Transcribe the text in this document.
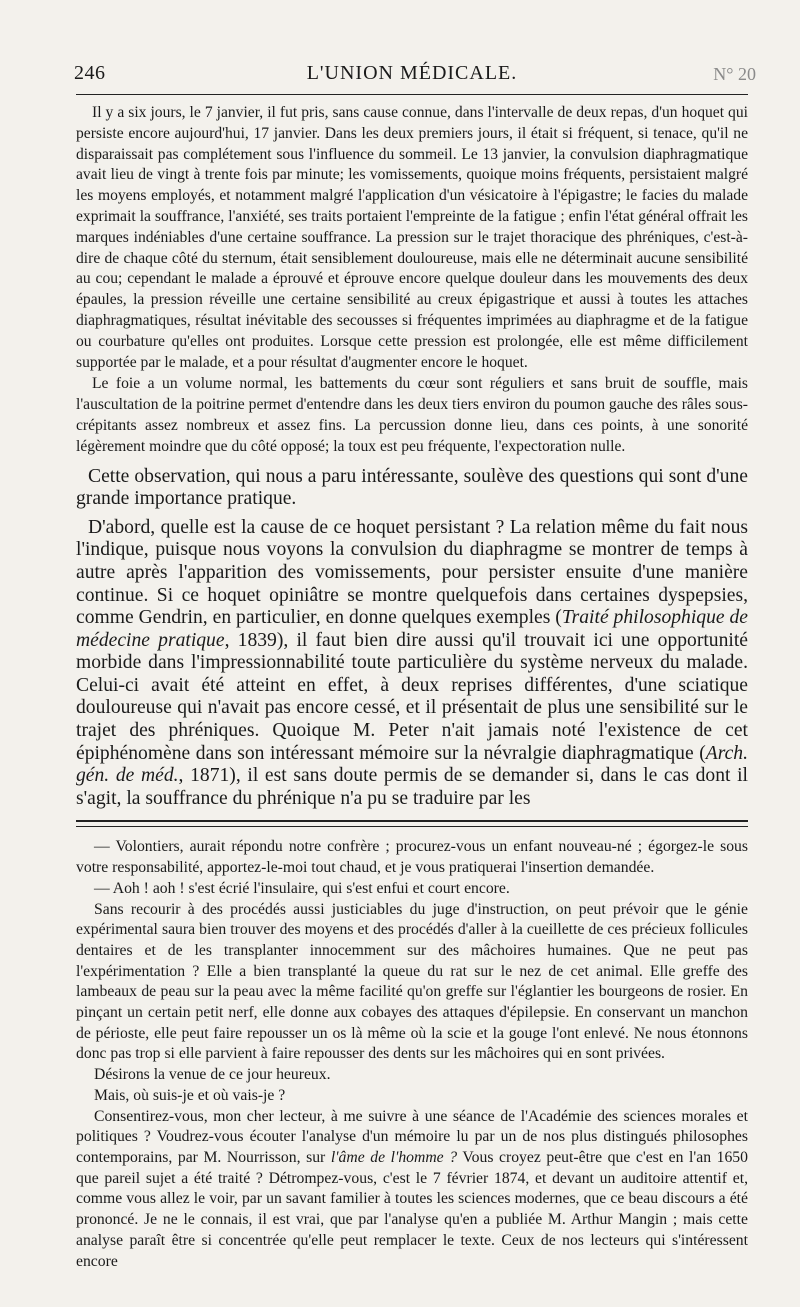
246	L'UNION MÉDICALE.	N° 20

Il y a six jours, le 7 janvier, il fut pris, sans cause connue, dans l'intervalle de deux repas, d'un hoquet qui persiste encore aujourd'hui, 17 janvier. Dans les deux premiers jours, il était si fréquent, si tenace, qu'il ne disparaissait pas complétement sous l'influence du sommeil. Le 13 janvier, la convulsion diaphragmatique avait lieu de vingt à trente fois par minute; les vomissements, quoique moins fréquents, persistaient malgré les moyens employés, et notamment malgré l'application d'un vésicatoire à l'épigastre; le facies du malade exprimait la souffrance, l'anxiété, ses traits portaient l'empreinte de la fatigue ; enfin l'état général offrait les marques indéniables d'une certaine souffrance. La pression sur le trajet thoracique des phréniques, c'est-à-dire de chaque côté du sternum, était sensiblement douloureuse, mais elle ne déterminait aucune sensibilité au cou; cependant le malade a éprouvé et éprouve encore quelque douleur dans les mouvements des deux épaules, la pression réveille une certaine sensibilité au creux épigastrique et aussi à toutes les attaches diaphragmatiques, résultat inévitable des secousses si fréquentes imprimées au diaphragme et de la fatigue ou courbature qu'elles ont produites. Lorsque cette pression est prolongée, elle est même difficilement supportée par le malade, et a pour résultat d'augmenter encore le hoquet.

Le foie a un volume normal, les battements du cœur sont réguliers et sans bruit de souffle, mais l'auscultation de la poitrine permet d'entendre dans les deux tiers environ du poumon gauche des râles sous-crépitants assez nombreux et assez fins. La percussion donne lieu, dans ces points, à une sonorité légèrement moindre que du côté opposé; la toux est peu fréquente, l'expectoration nulle.

Cette observation, qui nous a paru intéressante, soulève des questions qui sont d'une grande importance pratique.

D'abord, quelle est la cause de ce hoquet persistant ? La relation même du fait nous l'indique, puisque nous voyons la convulsion du diaphragme se montrer de temps à autre après l'apparition des vomissements, pour persister ensuite d'une manière continue. Si ce hoquet opiniâtre se montre quelquefois dans certaines dyspepsies, comme Gendrin, en particulier, en donne quelques exemples (Traité philosophique de médecine pratique, 1839), il faut bien dire aussi qu'il trouvait ici une opportunité morbide dans l'impressionnabilité toute particulière du système nerveux du malade. Celui-ci avait été atteint en effet, à deux reprises différentes, d'une sciatique douloureuse qui n'avait pas encore cessé, et il présentait de plus une sensibilité sur le trajet des phréniques. Quoique M. Peter n'ait jamais noté l'existence de cet épiphénomène dans son intéressant mémoire sur la névralgie diaphragmatique (Arch. gén. de méd., 1871), il est sans doute permis de se demander si, dans le cas dont il s'agit, la souffrance du phrénique n'a pu se traduire par les

— Volontiers, aurait répondu notre confrère ; procurez-vous un enfant nouveau-né ; égorgez-le sous votre responsabilité, apportez-le-moi tout chaud, et je vous pratiquerai l'insertion demandée.

— Aoh ! aoh ! s'est écrié l'insulaire, qui s'est enfui et court encore.

Sans recourir à des procédés aussi justiciables du juge d'instruction, on peut prévoir que le génie expérimental saura bien trouver des moyens et des procédés d'aller à la cueillette de ces précieux follicules dentaires et de les transplanter innocemment sur des mâchoires humaines. Que ne peut pas l'expérimentation ? Elle a bien transplanté la queue du rat sur le nez de cet animal. Elle greffe des lambeaux de peau sur la peau avec la même facilité qu'on greffe sur l'églantier les bourgeons de rosier. En pinçant un certain petit nerf, elle donne aux cobayes des attaques d'épilepsie. En conservant un manchon de périoste, elle peut faire repousser un os là même où la scie et la gouge l'ont enlevé. Ne nous étonnons donc pas trop si elle parvient à faire repousser des dents sur les mâchoires qui en sont privées.

Désirons la venue de ce jour heureux.

Mais, où suis-je et où vais-je ?

Consentirez-vous, mon cher lecteur, à me suivre à une séance de l'Académie des sciences morales et politiques ? Voudrez-vous écouter l'analyse d'un mémoire lu par un de nos plus distingués philosophes contemporains, par M. Nourrisson, sur l'âme de l'homme ? Vous croyez peut-être que c'est en l'an 1650 que pareil sujet a été traité ? Détrompez-vous, c'est le 7 février 1874, et devant un auditoire attentif et, comme vous allez le voir, par un savant familier à toutes les sciences modernes, que ce beau discours a été prononcé. Je ne le connais, il est vrai, que par l'analyse qu'en a publiée M. Arthur Mangin ; mais cette analyse paraît être si concentrée qu'elle peut remplacer le texte. Ceux de nos lecteurs qui s'intéressent encore
